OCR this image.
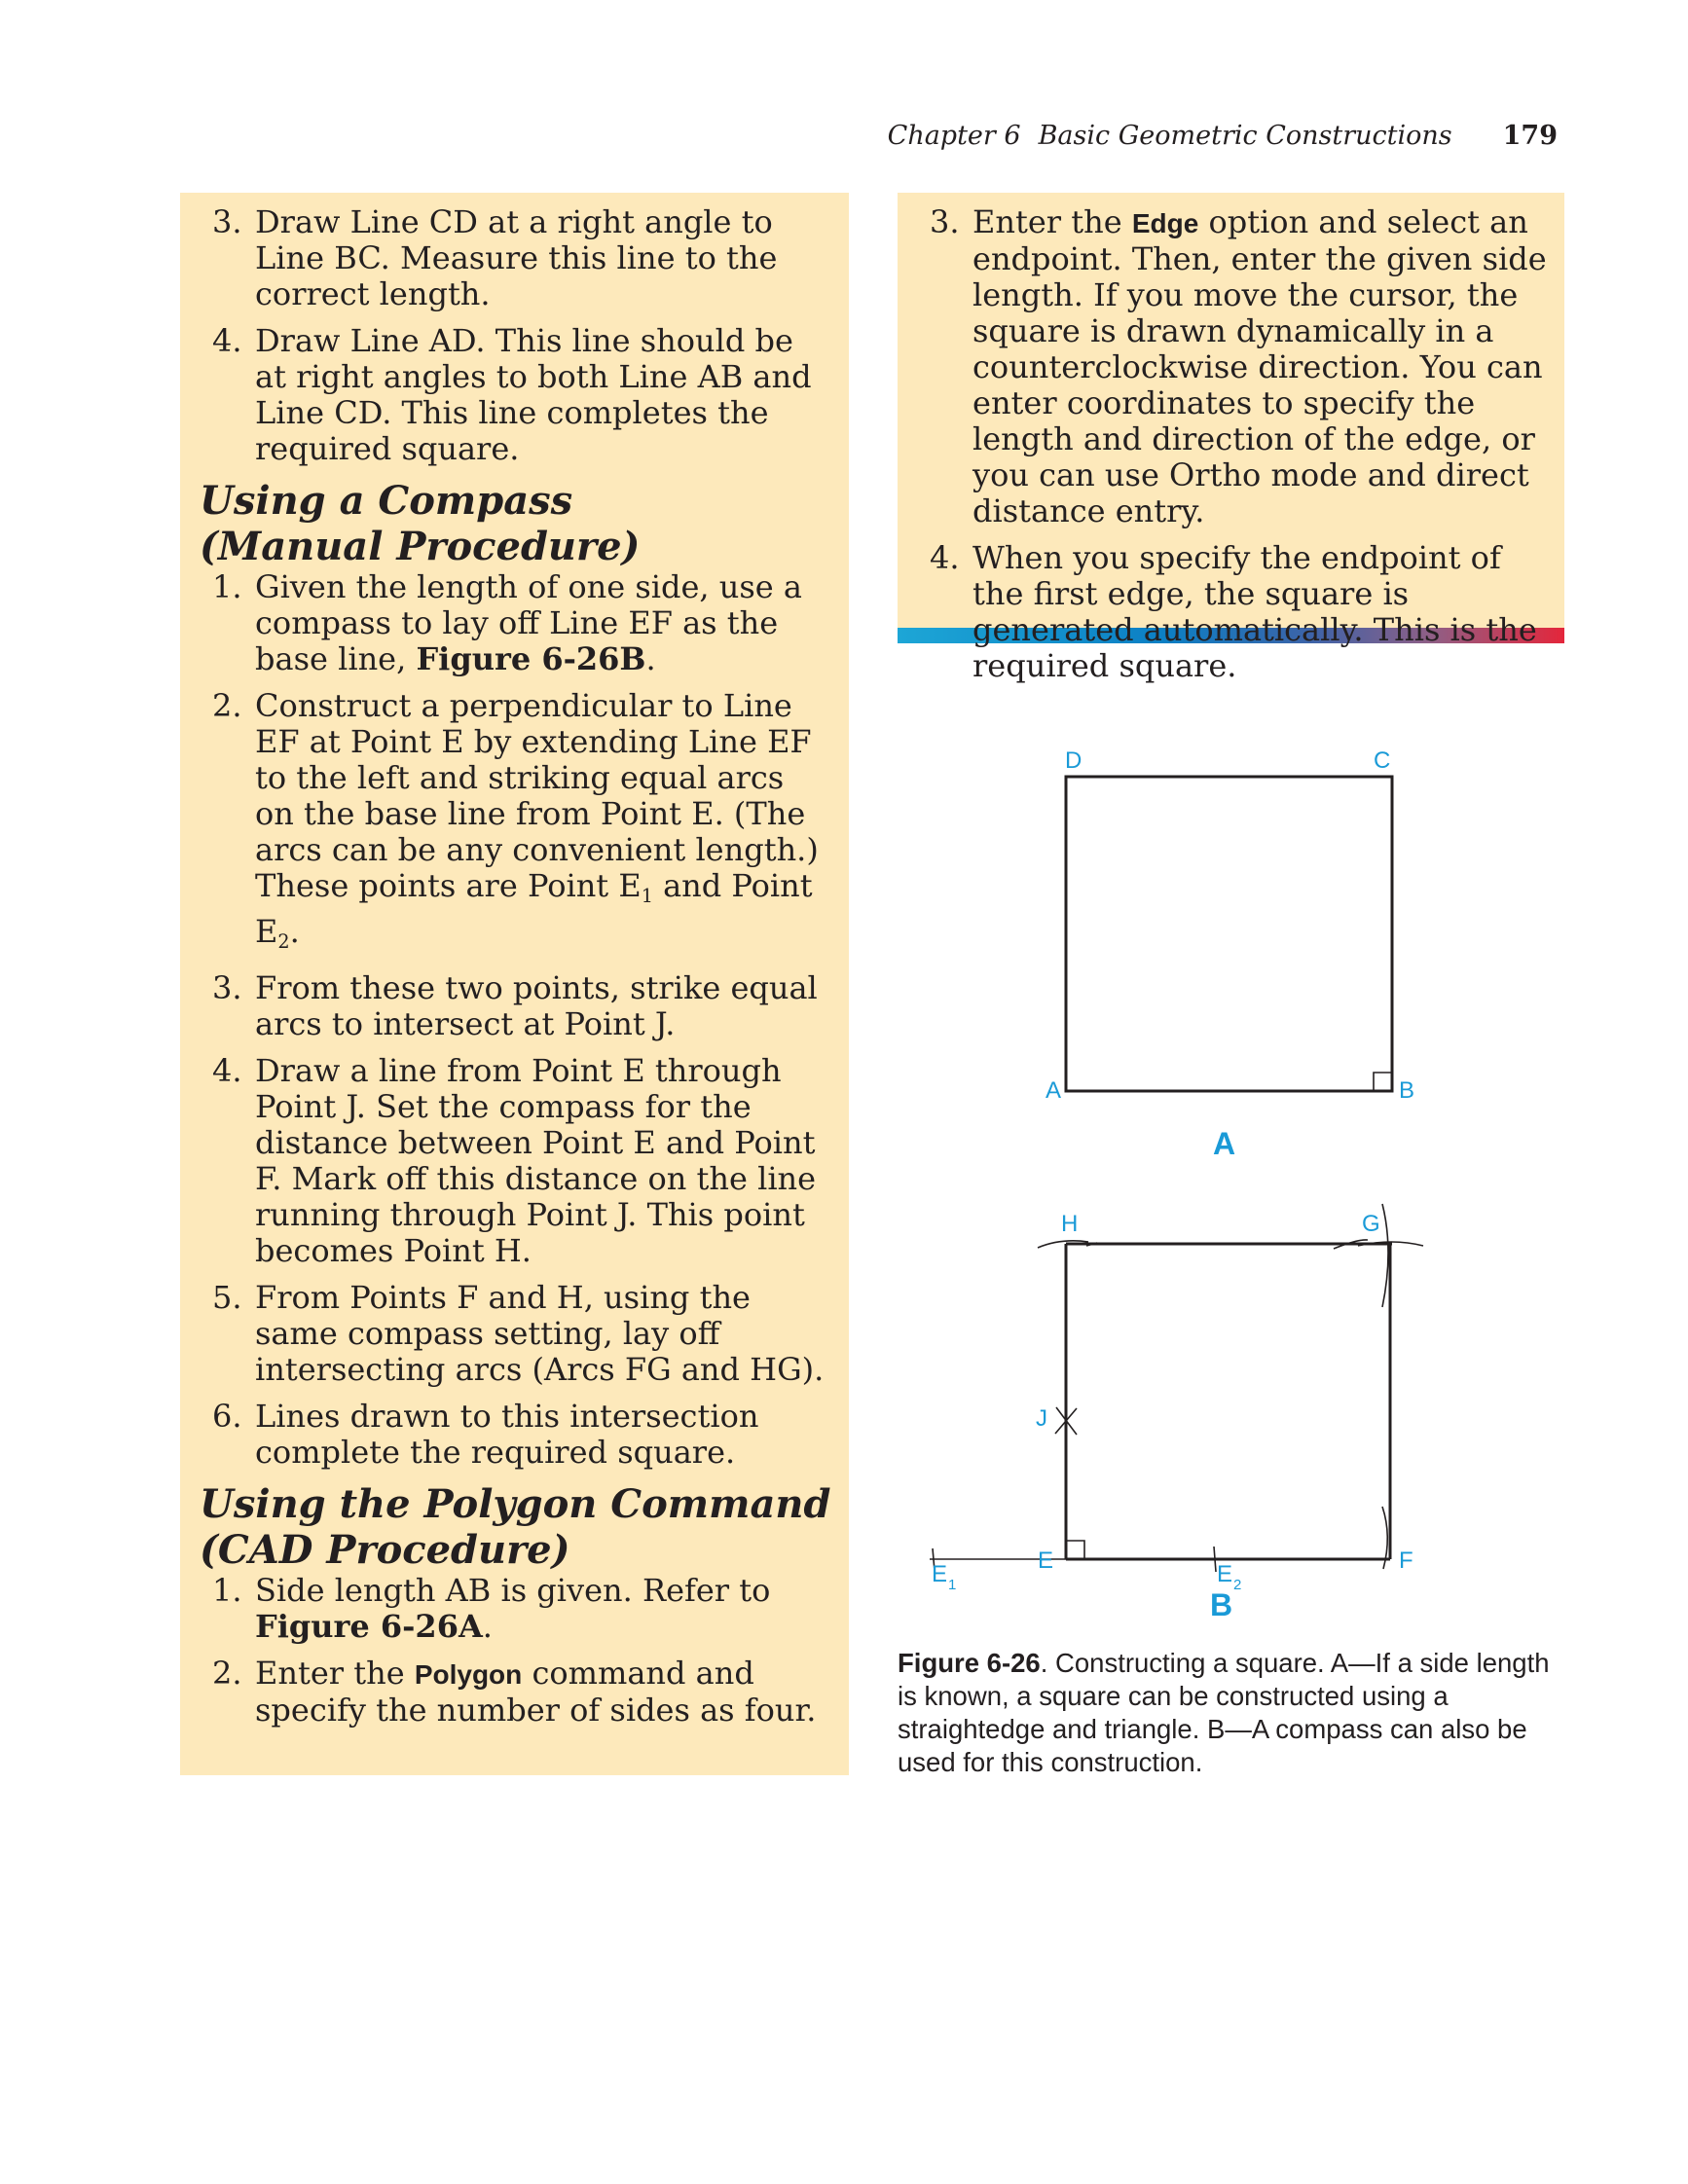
Chapter 6 Basic Geometric Constructions 179
3. Draw Line CD at a right angle to Line BC. Measure this line to the correct length.
4. Draw Line AD. This line should be at right angles to both Line AB and Line CD. This line completes the required square.
Using a Compass
(Manual Procedure)
1. Given the length of one side, use a compass to lay off Line EF as the base line, Figure 6-26B.
2. Construct a perpendicular to Line EF at Point E by extending Line EF to the left and striking equal arcs on the base line from Point E. (The arcs can be any convenient length.) These points are Point $E_1$ and Point $E_2$.
3. From these two points, strike equal arcs to intersect at Point J.
4. Draw a line from Point E through Point J. Set the compass for the distance between Point E and Point F. Mark off this distance on the line running through Point J. This point becomes Point H.
5. From Points F and H, using the same compass setting, lay off intersecting arcs (Arcs FG and HG).
6. Lines drawn to this intersection complete the required square.
Using the Polygon Command
(CAD Procedure)
1. Side length AB is given. Refer to
Figure 6-26A.
2. Enter the Polygon command and specify the number of sides as four.
3. Enter the Edge option and select an endpoint. Then, enter the given side length. If you move the cursor, the square is drawn dynamically in a counterclockwise direction. You can enter coordinates to specify the length and direction of the edge, or you can use Ortho mode and direct distance entry.
4. When you specify the endpoint of the first edge, the square is generated automatically. This is the required square.
D	C
A	B
A
H	G
J
E	F
$E_1$	$E_2$
B
Figure 6-26. Constructing a square. A—If a side length is known, a square can be constructed using a straightedge and triangle. B—A compass can also be used for this construction.
